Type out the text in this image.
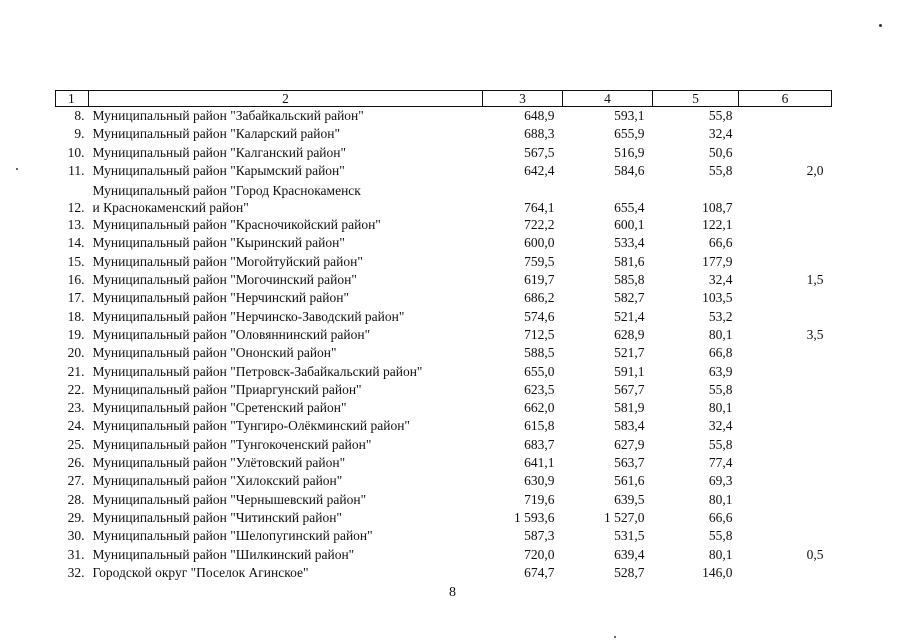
1	2	3	4	5	6
8.	Муниципальный район "Забайкальский район"	648,9	593,1	55,8	
9.	Муниципальный район "Каларский район"	688,3	655,9	32,4	
10.	Муниципальный район "Калганский район"	567,5	516,9	50,6	
11.	Муниципальный район "Карымский район"	642,4	584,6	55,8	2,0
12.	Муниципальный район "Город Краснокаменск
и Краснокаменский район"	764,1	655,4	108,7	
13.	Муниципальный район "Красночикойский район"	722,2	600,1	122,1	
14.	Муниципальный район "Кыринский район"	600,0	533,4	66,6	
15.	Муниципальный район "Могойтуйский район"	759,5	581,6	177,9	
16.	Муниципальный район "Могочинский район"	619,7	585,8	32,4	1,5
17.	Муниципальный район "Нерчинский район"	686,2	582,7	103,5	
18.	Муниципальный район "Нерчинско-Заводский район"	574,6	521,4	53,2	
19.	Муниципальный район "Оловяннинский район"	712,5	628,9	80,1	3,5
20.	Муниципальный район "Ононский район"	588,5	521,7	66,8	
21.	Муниципальный район "Петровск-Забайкальский район"	655,0	591,1	63,9	
22.	Муниципальный район "Приаргунский район"	623,5	567,7	55,8	
23.	Муниципальный район "Сретенский район"	662,0	581,9	80,1	
24.	Муниципальный район "Тунгиро-Олёкминский район"	615,8	583,4	32,4	
25.	Муниципальный район "Тунгокоченский район"	683,7	627,9	55,8	
26.	Муниципальный район "Улётовский район"	641,1	563,7	77,4	
27.	Муниципальный район "Хилокский район"	630,9	561,6	69,3	
28.	Муниципальный район "Чернышевский район"	719,6	639,5	80,1	
29.	Муниципальный район "Читинский район"	1 593,6	1 527,0	66,6	
30.	Муниципальный район "Шелопугинский район"	587,3	531,5	55,8	
31.	Муниципальный район "Шилкинский район"	720,0	639,4	80,1	0,5
32.	Городской округ "Поселок Агинское"	674,7	528,7	146,0	
8
